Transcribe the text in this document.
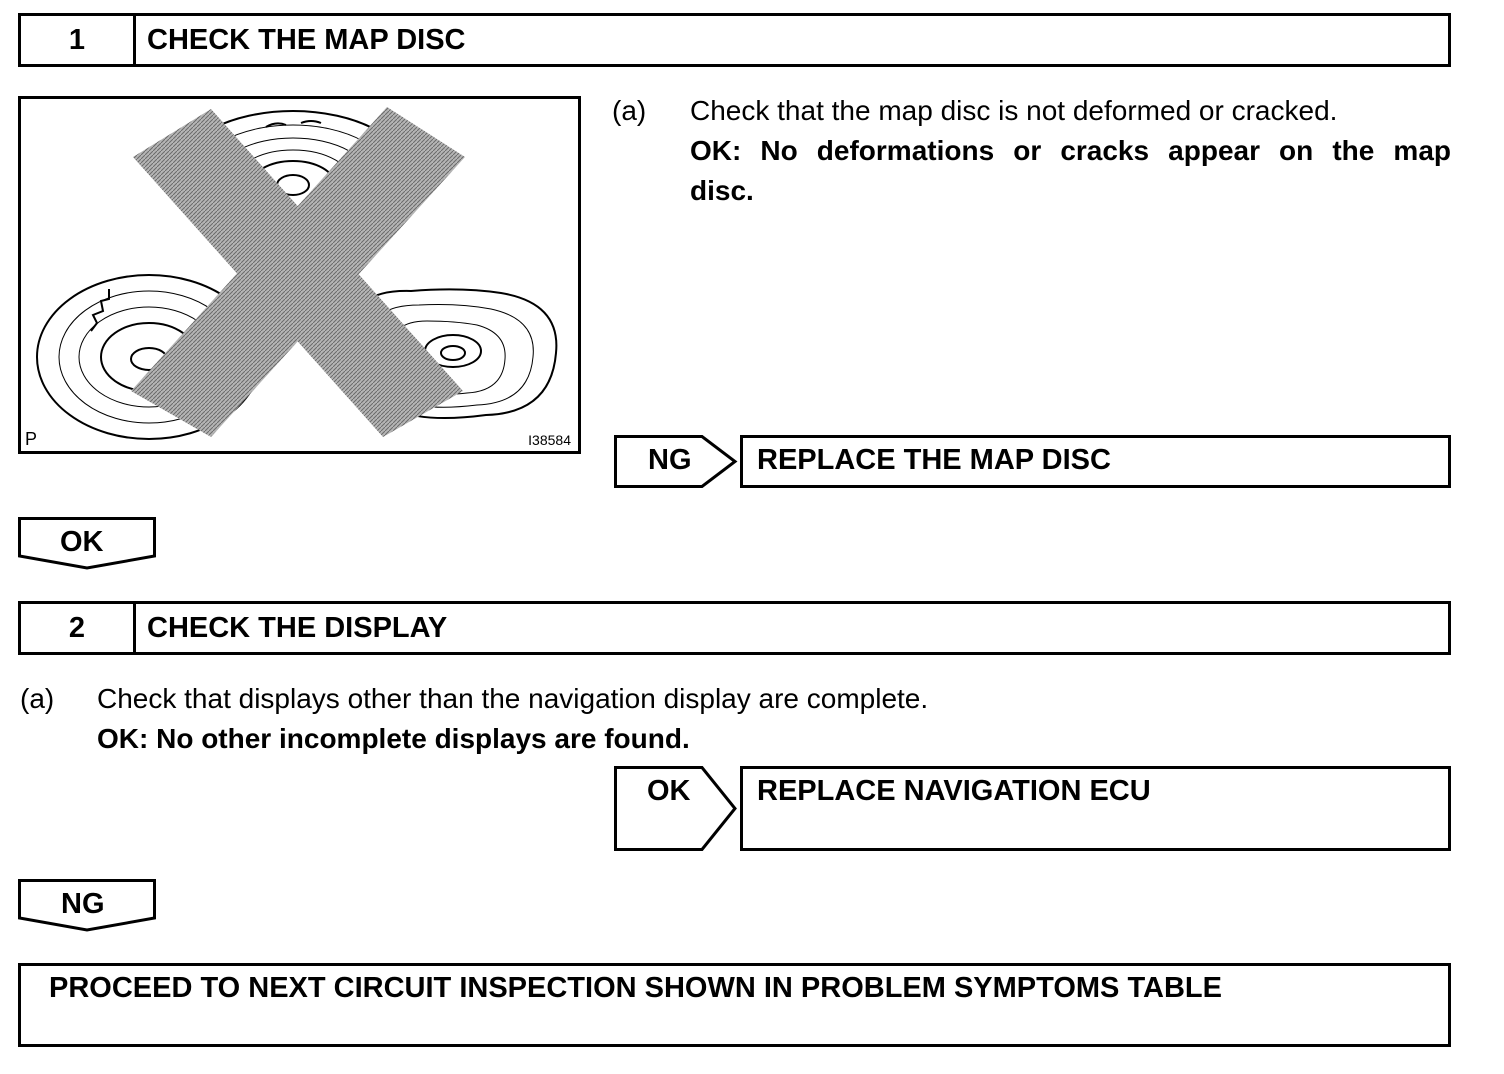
1	CHECK THE MAP DISC
P	I38584
(a) Check that the map disc is not deformed or cracked.
OK: No deformations or cracks appear on the map
disc.
NG	REPLACE THE MAP DISC
OK
2	CHECK THE DISPLAY
(a) Check that displays other than the navigation display are complete.
OK: No other incomplete displays are found.
OK	REPLACE NAVIGATION ECU
NG
PROCEED TO NEXT CIRCUIT INSPECTION SHOWN IN PROBLEM SYMPTOMS TABLE
